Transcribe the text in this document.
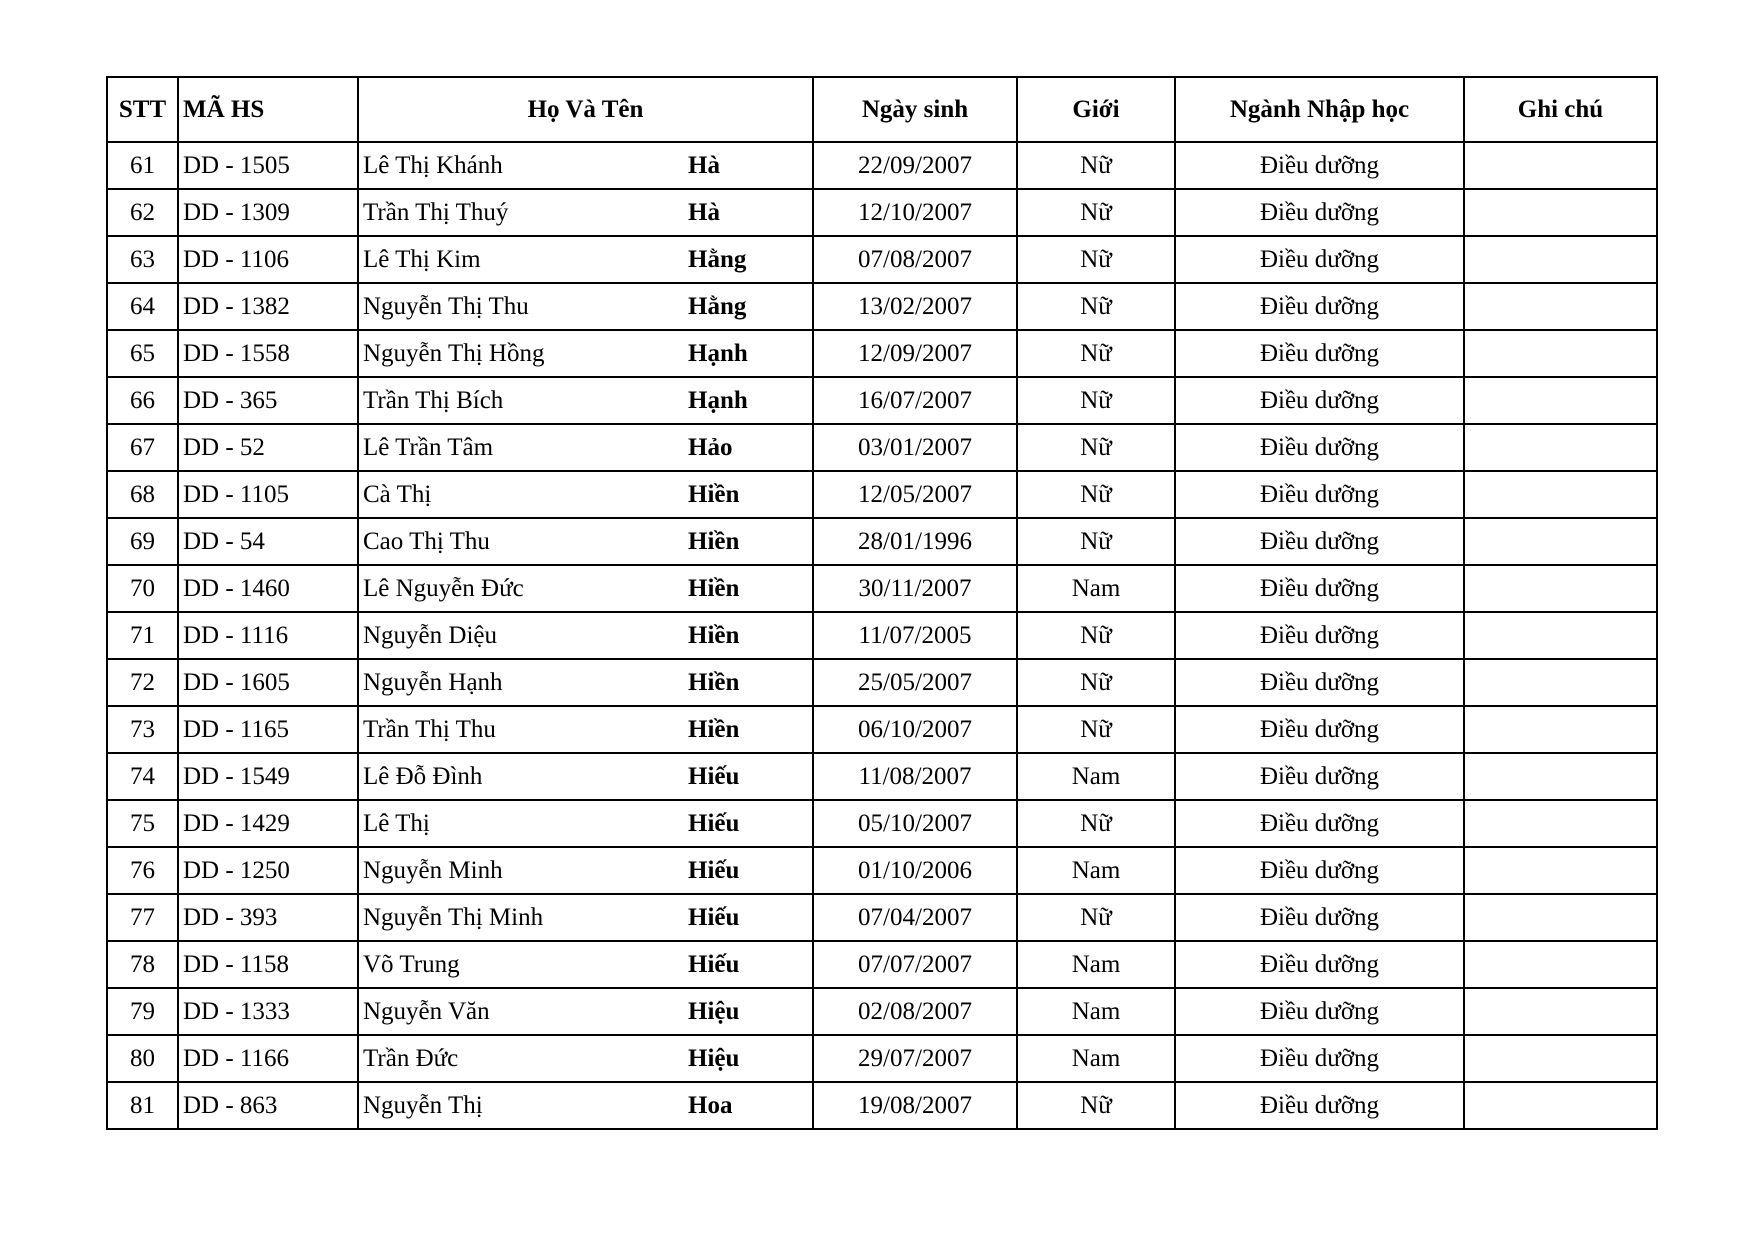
STT	MÃ HS	Họ Và Tên		Ngày sinh	Giới	Ngành Nhập học	Ghi chú
61	DD - 1505	Lê Thị Khánh	Hà	22/09/2007	Nữ	Điều dưỡng	
62	DD - 1309	Trần Thị Thuý	Hà	12/10/2007	Nữ	Điều dưỡng	
63	DD - 1106	Lê Thị Kim	Hằng	07/08/2007	Nữ	Điều dưỡng	
64	DD - 1382	Nguyễn Thị Thu	Hằng	13/02/2007	Nữ	Điều dưỡng	
65	DD - 1558	Nguyễn Thị Hồng	Hạnh	12/09/2007	Nữ	Điều dưỡng	
66	DD - 365	Trần Thị Bích	Hạnh	16/07/2007	Nữ	Điều dưỡng	
67	DD - 52	Lê Trần Tâm	Hảo	03/01/2007	Nữ	Điều dưỡng	
68	DD - 1105	Cà Thị	Hiền	12/05/2007	Nữ	Điều dưỡng	
69	DD - 54	Cao Thị Thu	Hiền	28/01/1996	Nữ	Điều dưỡng	
70	DD - 1460	Lê Nguyễn Đức	Hiền	30/11/2007	Nam	Điều dưỡng	
71	DD - 1116	Nguyễn Diệu	Hiền	11/07/2005	Nữ	Điều dưỡng	
72	DD - 1605	Nguyễn Hạnh	Hiền	25/05/2007	Nữ	Điều dưỡng	
73	DD - 1165	Trần Thị Thu	Hiền	06/10/2007	Nữ	Điều dưỡng	
74	DD - 1549	Lê Đỗ Đình	Hiếu	11/08/2007	Nam	Điều dưỡng	
75	DD - 1429	Lê Thị	Hiếu	05/10/2007	Nữ	Điều dưỡng	
76	DD - 1250	Nguyễn Minh	Hiếu	01/10/2006	Nam	Điều dưỡng	
77	DD - 393	Nguyễn Thị Minh	Hiếu	07/04/2007	Nữ	Điều dưỡng	
78	DD - 1158	Võ Trung	Hiếu	07/07/2007	Nam	Điều dưỡng	
79	DD - 1333	Nguyễn Văn	Hiệu	02/08/2007	Nam	Điều dưỡng	
80	DD - 1166	Trần Đức	Hiệu	29/07/2007	Nam	Điều dưỡng	
81	DD - 863	Nguyễn Thị	Hoa	19/08/2007	Nữ	Điều dưỡng	
